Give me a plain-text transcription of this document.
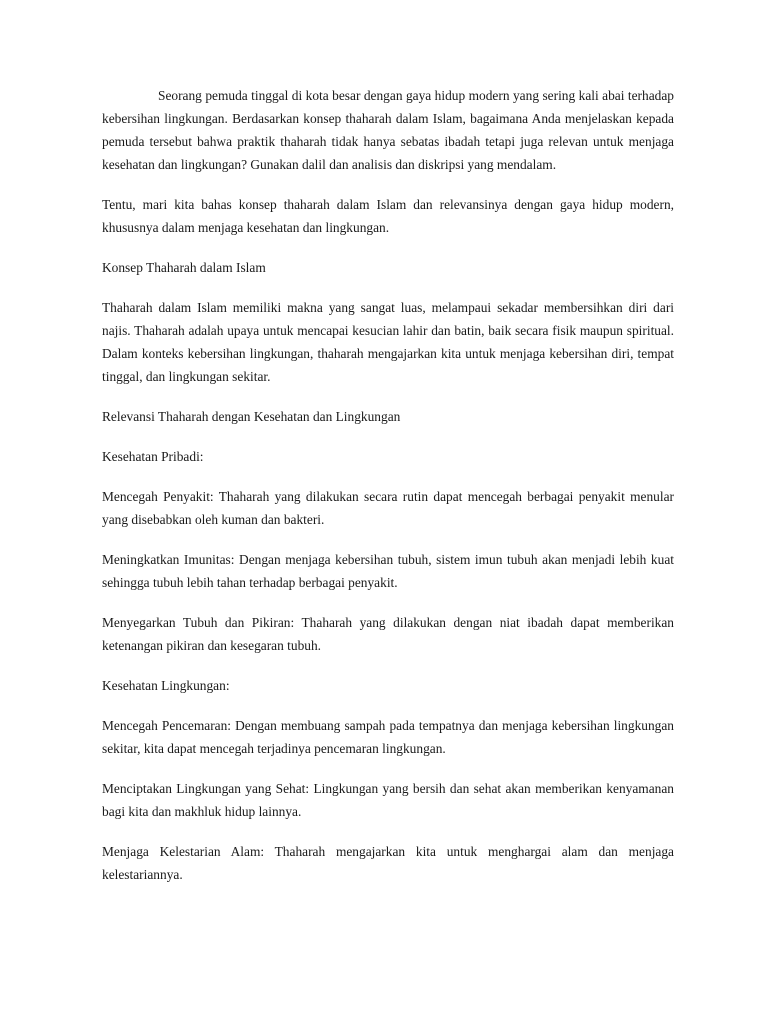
Seorang pemuda tinggal di kota besar dengan gaya hidup modern yang sering kali abai terhadap kebersihan lingkungan. Berdasarkan konsep thaharah dalam Islam, bagaimana Anda menjelaskan kepada pemuda tersebut bahwa praktik thaharah tidak hanya sebatas ibadah tetapi juga relevan untuk menjaga kesehatan dan lingkungan? Gunakan dalil dan analisis dan diskripsi yang mendalam.

Tentu, mari kita bahas konsep thaharah dalam Islam dan relevansinya dengan gaya hidup modern, khususnya dalam menjaga kesehatan dan lingkungan.

Konsep Thaharah dalam Islam

Thaharah dalam Islam memiliki makna yang sangat luas, melampaui sekadar membersihkan diri dari najis. Thaharah adalah upaya untuk mencapai kesucian lahir dan batin, baik secara fisik maupun spiritual. Dalam konteks kebersihan lingkungan, thaharah mengajarkan kita untuk menjaga kebersihan diri, tempat tinggal, dan lingkungan sekitar.

Relevansi Thaharah dengan Kesehatan dan Lingkungan

Kesehatan Pribadi:

Mencegah Penyakit: Thaharah yang dilakukan secara rutin dapat mencegah berbagai penyakit menular yang disebabkan oleh kuman dan bakteri.

Meningkatkan Imunitas: Dengan menjaga kebersihan tubuh, sistem imun tubuh akan menjadi lebih kuat sehingga tubuh lebih tahan terhadap berbagai penyakit.

Menyegarkan Tubuh dan Pikiran: Thaharah yang dilakukan dengan niat ibadah dapat memberikan ketenangan pikiran dan kesegaran tubuh.

Kesehatan Lingkungan:

Mencegah Pencemaran: Dengan membuang sampah pada tempatnya dan menjaga kebersihan lingkungan sekitar, kita dapat mencegah terjadinya pencemaran lingkungan.

Menciptakan Lingkungan yang Sehat: Lingkungan yang bersih dan sehat akan memberikan kenyamanan bagi kita dan makhluk hidup lainnya.

Menjaga Kelestarian Alam: Thaharah mengajarkan kita untuk menghargai alam dan menjaga kelestariannya.
